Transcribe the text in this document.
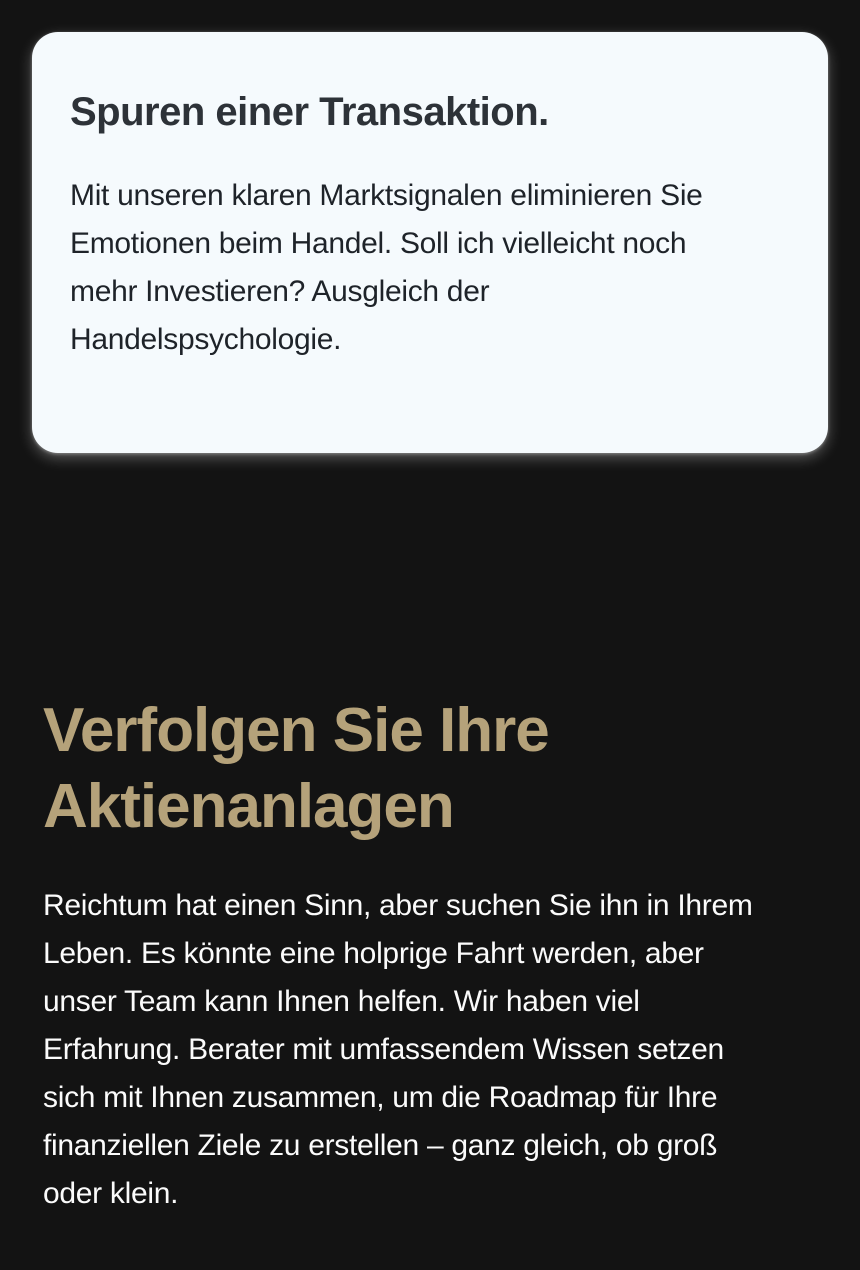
Spuren einer Transaktion.
Mit unseren klaren Marktsignalen eliminieren Sie
Emotionen beim Handel. Soll ich vielleicht noch
mehr Investieren? Ausgleich der
Handelspsychologie.
Verfolgen Sie Ihre
Aktienanlagen
Reichtum hat einen Sinn, aber suchen Sie ihn in Ihrem
Leben. Es könnte eine holprige Fahrt werden, aber
unser Team kann Ihnen helfen. Wir haben viel
Erfahrung. Berater mit umfassendem Wissen setzen
sich mit Ihnen zusammen, um die Roadmap für Ihre
finanziellen Ziele zu erstellen – ganz gleich, ob groß
oder klein.
